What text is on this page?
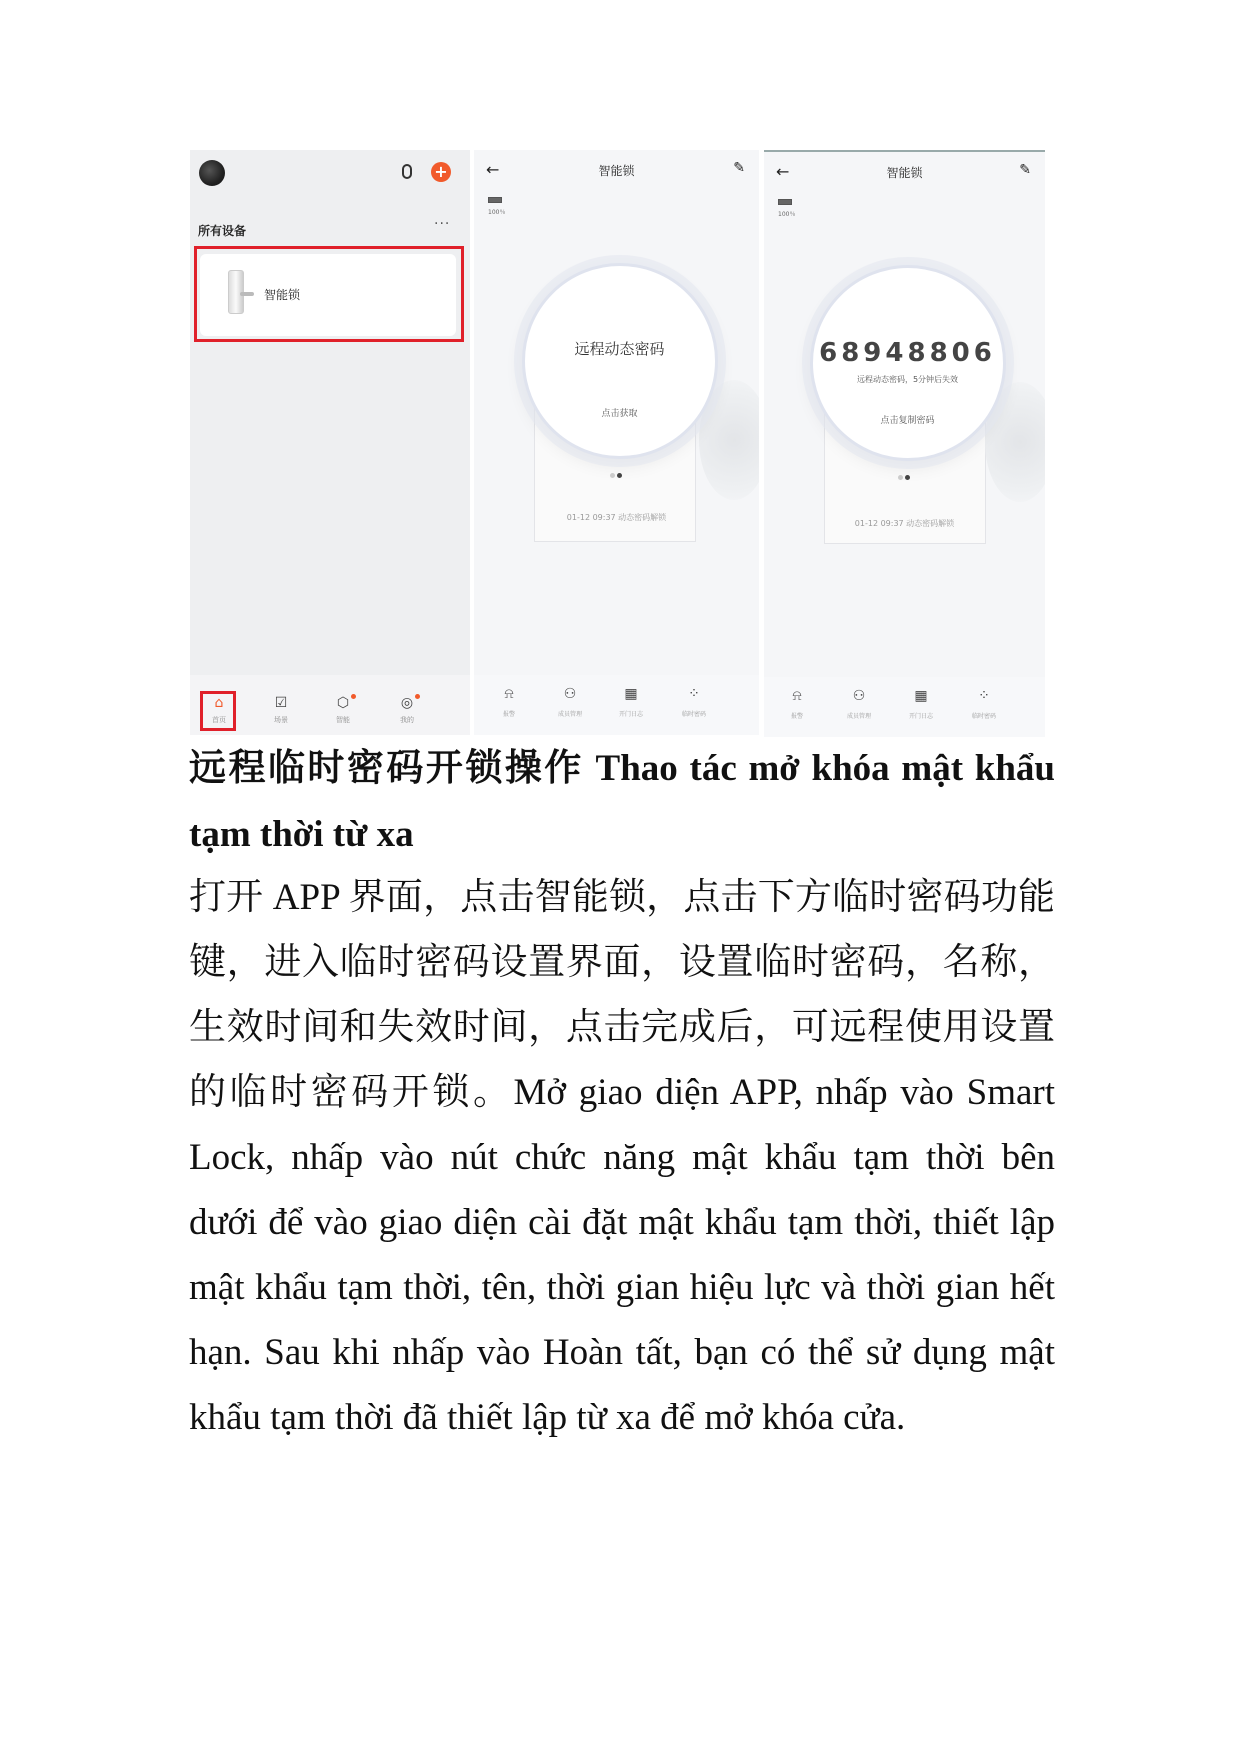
+
所有设备	···
智能锁
⌂
首页
☑
场景
⬡
智能
◎
我的
←	智能锁	✎
100％
远程动态密码
点击获取
01-12 09:37 动态密码解锁
⍾
报警
⚇
成员管理
▦
开门日志
⁘
临时密码
←	智能锁	✎
100％
68948806
远程动态密码，5分钟后失效
点击复制密码
01-12 09:37 动态密码解锁
⍾
报警
⚇
成员管理
▦
开门日志
⁘
临时密码
远程临时密码开锁操作 Thao tác mở khóa mật khẩu tạm thời từ xa
打开 APP 界面，点击智能锁，点击下方临时密码功能键，进入临时密码设置界面，设置临时密码，名称，生效时间和失效时间，点击完成后，可远程使用设置的临时密码开锁。Mở giao diện APP, nhấp vào Smart Lock, nhấp vào nút chức năng mật khẩu tạm thời bên dưới để vào giao diện cài đặt mật khẩu tạm thời, thiết lập mật khẩu tạm thời, tên, thời gian hiệu lực và thời gian hết hạn. Sau khi nhấp vào Hoàn tất, bạn có thể sử dụng mật khẩu tạm thời đã thiết lập từ xa để mở khóa cửa.
